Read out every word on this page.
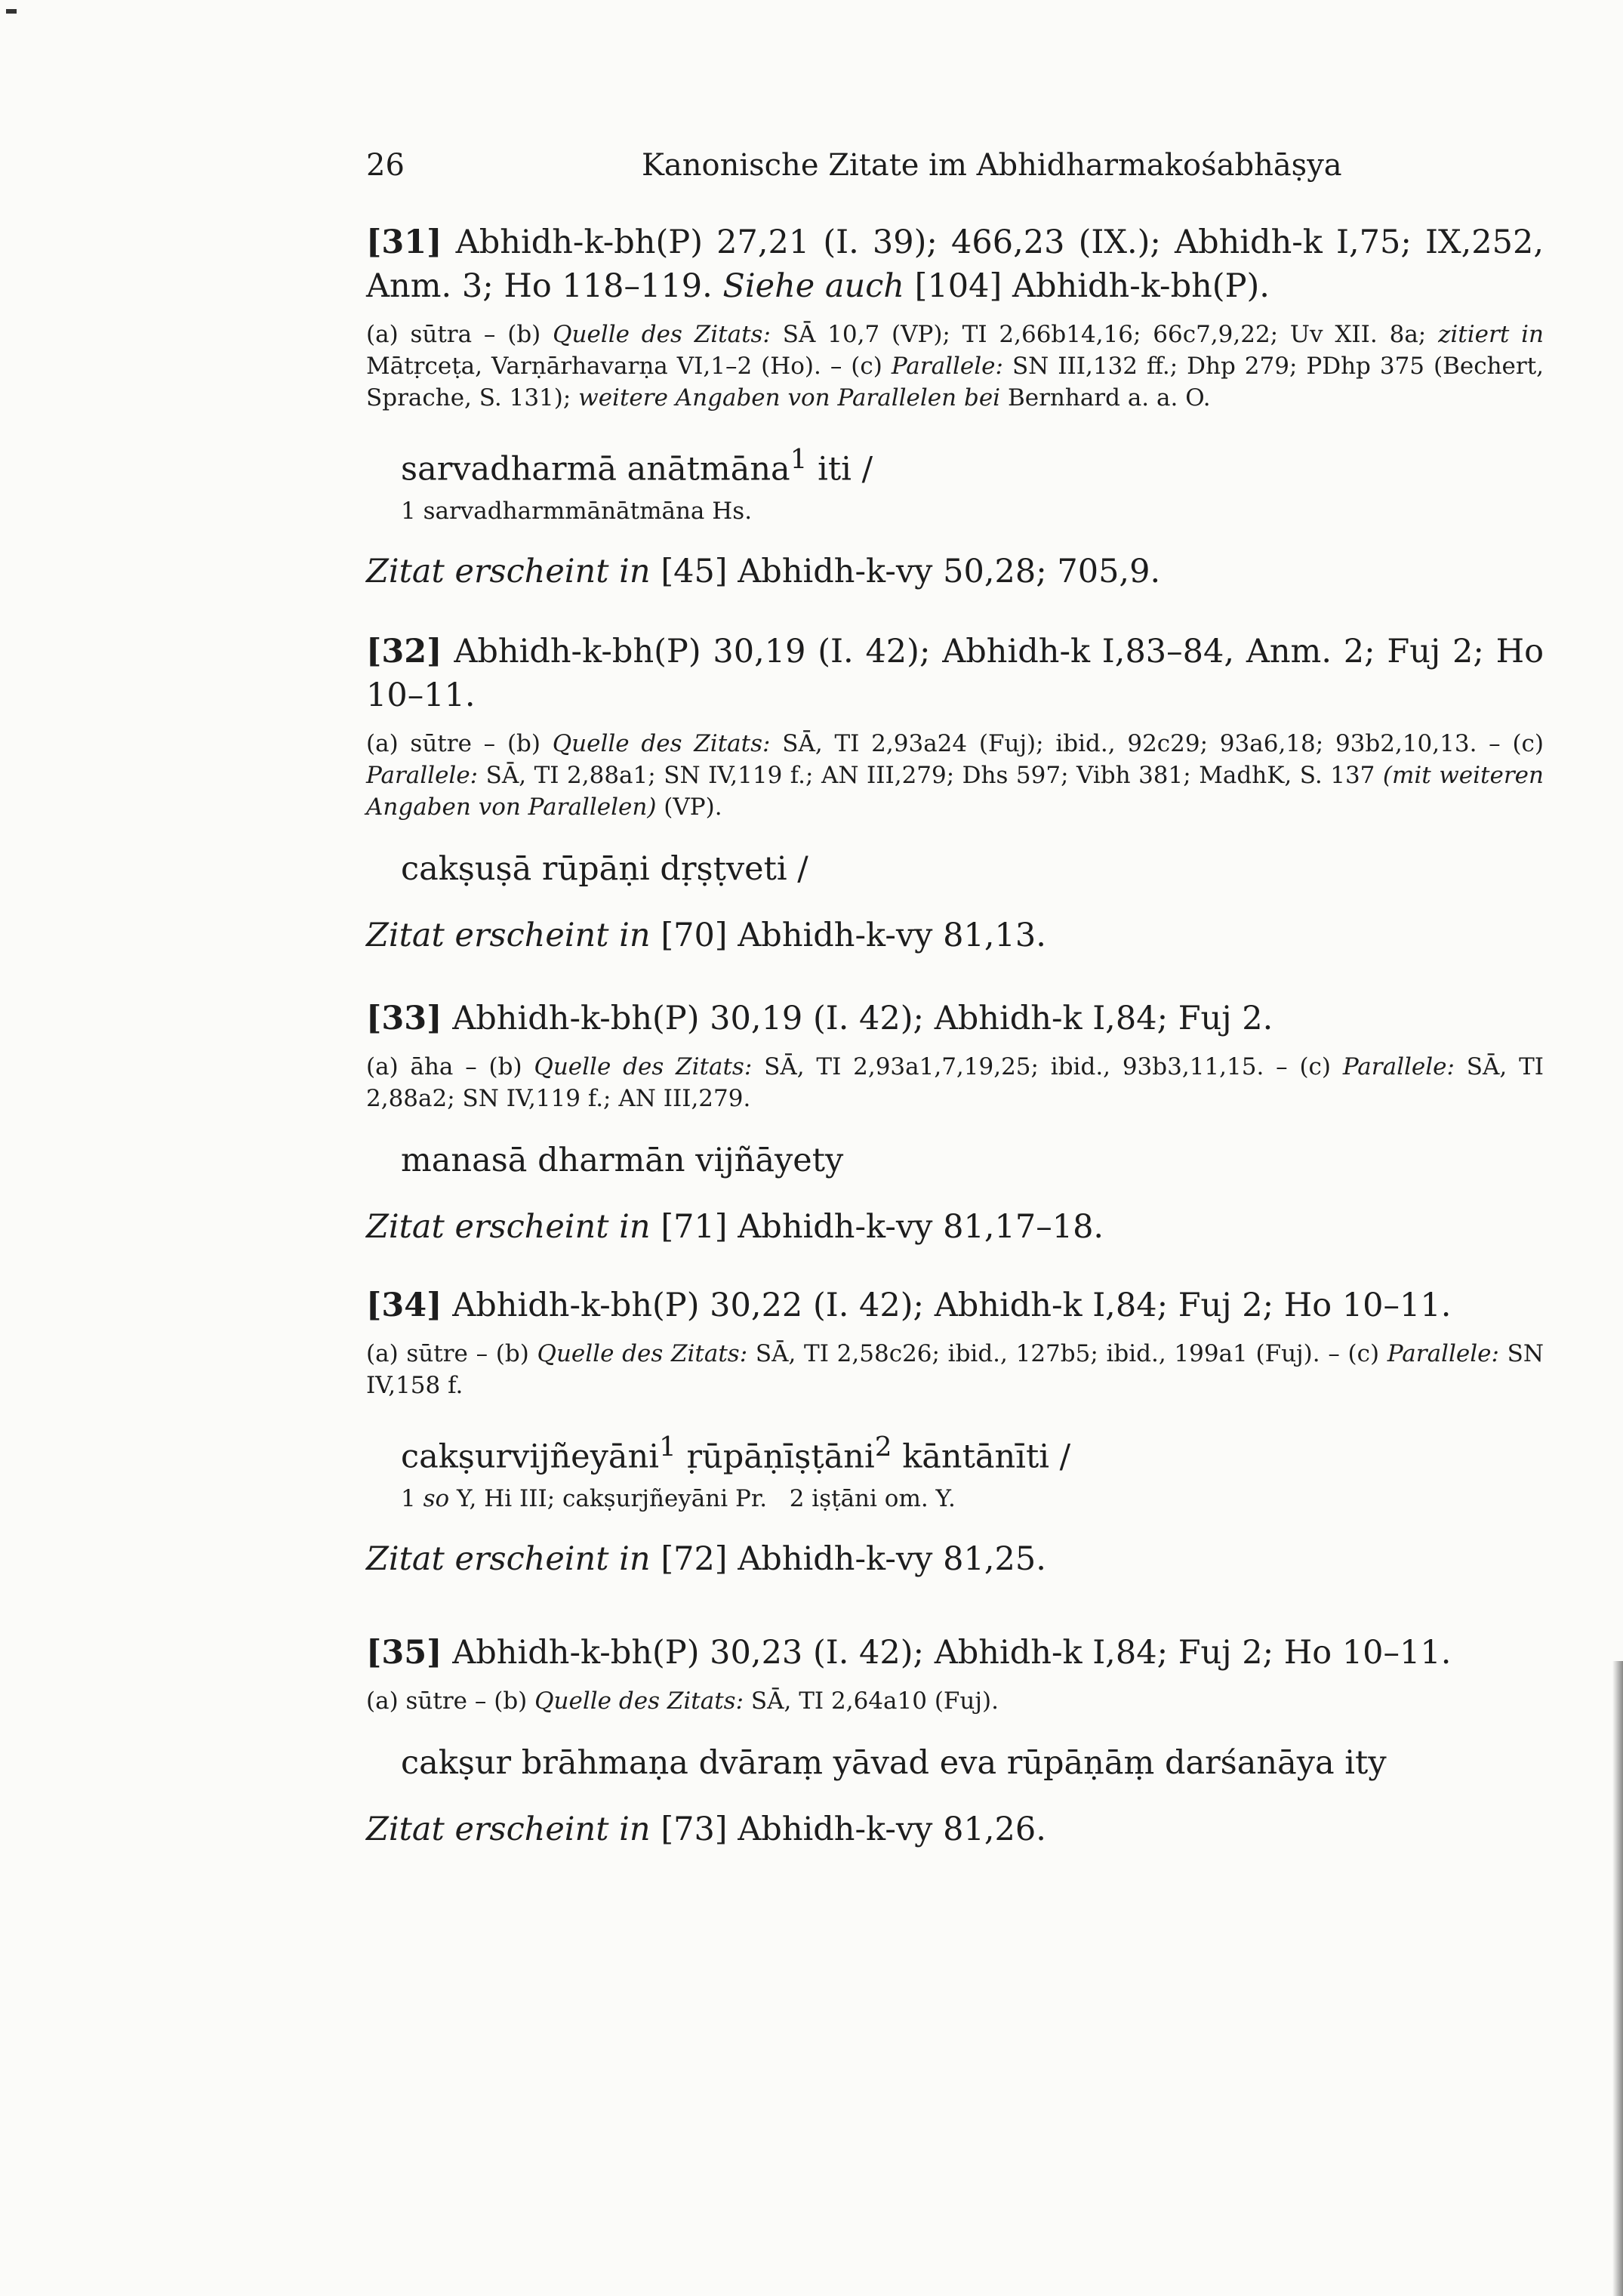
26	Kanonische Zitate im Abhidharmakośabhāṣya

[31] Abhidh-k-bh(P) 27,21 (I. 39); 466,23 (IX.); Abhidh-k I,75; IX,252, Anm. 3; Ho 118–119. Siehe auch [104] Abhidh-k-bh(P).

(a) sūtra – (b) Quelle des Zitats: SĀ 10,7 (VP); TI 2,66b14,16; 66c7,9,22; Uv XII. 8a; zitiert in Mātṛceṭa, Varṇārhavarṇa VI,1–2 (Ho). – (c) Parallele: SN III,132 ff.; Dhp 279; PDhp 375 (Bechert, Sprache, S. 131); weitere Angaben von Parallelen bei Bernhard a. a. O.

sarvadharmā anātmāna$^1$ iti /

1 sarvadharmmānātmāna Hs.

Zitat erscheint in [45] Abhidh-k-vy 50,28; 705,9.

[32] Abhidh-k-bh(P) 30,19 (I. 42); Abhidh-k I,83–84, Anm. 2; Fuj 2; Ho 10–11.

(a) sūtre – (b) Quelle des Zitats: SĀ, TI 2,93a24 (Fuj); ibid., 92c29; 93a6,18; 93b2,10,13. – (c) Parallele: SĀ, TI 2,88a1; SN IV,119 f.; AN III,279; Dhs 597; Vibh 381; MadhK, S. 137 (mit weiteren Angaben von Parallelen) (VP).

cakṣuṣā rūpāṇi dṛṣṭveti /

Zitat erscheint in [70] Abhidh-k-vy 81,13.

[33] Abhidh-k-bh(P) 30,19 (I. 42); Abhidh-k I,84; Fuj 2.

(a) āha – (b) Quelle des Zitats: SĀ, TI 2,93a1,7,19,25; ibid., 93b3,11,15. – (c) Parallele: SĀ, TI 2,88a2; SN IV,119 f.; AN III,279.

manasā dharmān vijñāyety

Zitat erscheint in [71] Abhidh-k-vy 81,17–18.

[34] Abhidh-k-bh(P) 30,22 (I. 42); Abhidh-k I,84; Fuj 2; Ho 10–11.

(a) sūtre – (b) Quelle des Zitats: SĀ, TI 2,58c26; ibid., 127b5; ibid., 199a1 (Fuj). – (c) Parallele: SN IV,158 f.

cakṣurvijñeyāni$^1$ ṛūpāṇīṣṭāni$^2$ kāntānīti /

1 so Y, Hi III; cakṣurjñeyāni Pr. 2 iṣṭāni om. Y.

Zitat erscheint in [72] Abhidh-k-vy 81,25.

[35] Abhidh-k-bh(P) 30,23 (I. 42); Abhidh-k I,84; Fuj 2; Ho 10–11.

(a) sūtre – (b) Quelle des Zitats: SĀ, TI 2,64a10 (Fuj).

cakṣur brāhmaṇa dvāraṃ yāvad eva rūpāṇāṃ darśanāya ity

Zitat erscheint in [73] Abhidh-k-vy 81,26.
